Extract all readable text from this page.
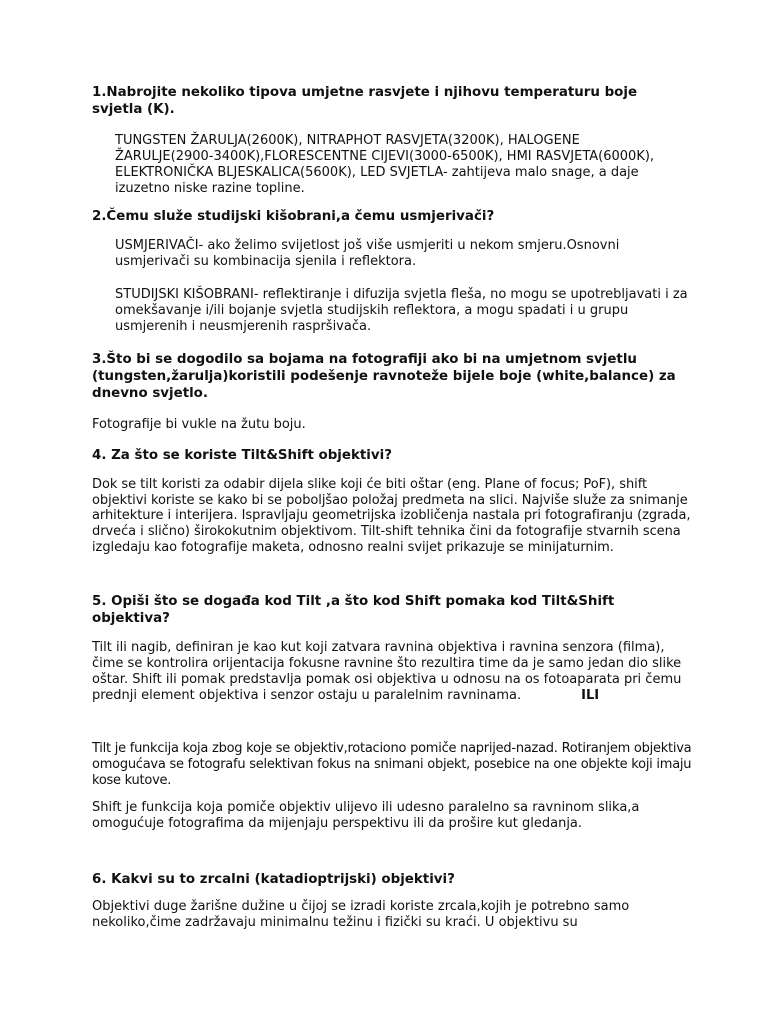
1.Nabrojite nekoliko tipova umjetne rasvjete i njihovu temperaturu boje svjetla (K).

TUNGSTEN ŽARULJA(2600K), NITRAPHOT RASVJETA(3200K), HALOGENE ŽARULJE(2900-3400K),FLORESCENTNE CIJEVI(3000-6500K), HMI RASVJETA(6000K), ELEKTRONIČKA BLJESKALICA(5600K), LED SVJETLA- zahtijeva malo snage, a daje izuzetno niske razine topline.

2.Čemu služe studijski kišobrani,a čemu usmjerivači?

USMJERIVAČI- ako želimo svijetlost još više usmjeriti u nekom smjeru.Osnovni usmjerivači su kombinacija sjenila i reflektora.

STUDIJSKI KIŠOBRANI- reflektiranje i difuzija svjetla fleša, no mogu se upotrebljavati i za omekšavanje i/ili bojanje svjetla studijskih reflektora, a mogu spadati i u grupu usmjerenih i neusmjerenih raspršivača.

3.Što bi se dogodilo sa bojama na fotografiji ako bi na umjetnom svjetlu (tungsten,žarulja)koristili podešenje ravnoteže bijele boje (white,balance) za dnevno svjetlo.

Fotografije bi vukle na žutu boju.

4. Za što se koriste Tilt&Shift objektivi?

Dok se tilt koristi za odabir dijela slike koji će biti oštar (eng. Plane of focus; PoF), shift objektivi koriste se kako bi se poboljšao položaj predmeta na slici. Najviše služe za snimanje arhitekture i interijera. Ispravljaju geometrijska izobličenja nastala pri fotografiranju (zgrada, drveća i slično) širokokutnim objektivom. Tilt-shift tehnika čini da fotografije stvarnih scena izgledaju kao fotografije maketa, odnosno realni svijet prikazuje se minijaturnim.

5. Opiši što se događa kod Tilt ,a što kod Shift pomaka kod Tilt&Shift objektiva?

Tilt ili nagib, definiran je kao kut koji zatvara ravnina objektiva i ravnina senzora (filma), čime se kontrolira orijentacija fokusne ravnine što rezultira time da je samo jedan dio slike oštar. Shift ili pomak predstavlja pomak osi objektiva u odnosu na os fotoaparata pri čemu prednji element objektiva i senzor ostaju u paralelnim ravninama.	ILI

Tilt je funkcija koja zbog koje se objektiv,rotaciono pomiče naprijed-nazad. Rotiranjem objektiva omogućava se fotografu selektivan fokus na snimani objekt, posebice na one objekte koji imaju kose kutove.

Shift je funkcija koja pomiče objektiv ulijevo ili udesno paralelno sa ravninom slika,a omogućuje fotografima da mijenjaju perspektivu ili da prošire kut gledanja.

6. Kakvi su to zrcalni (katadioptrijski) objektivi?

Objektivi duge žarišne dužine u čijoj se izradi koriste zrcala,kojih je potrebno samo nekoliko,čime zadržavaju minimalnu težinu i fizički su kraći. U objektivu su
